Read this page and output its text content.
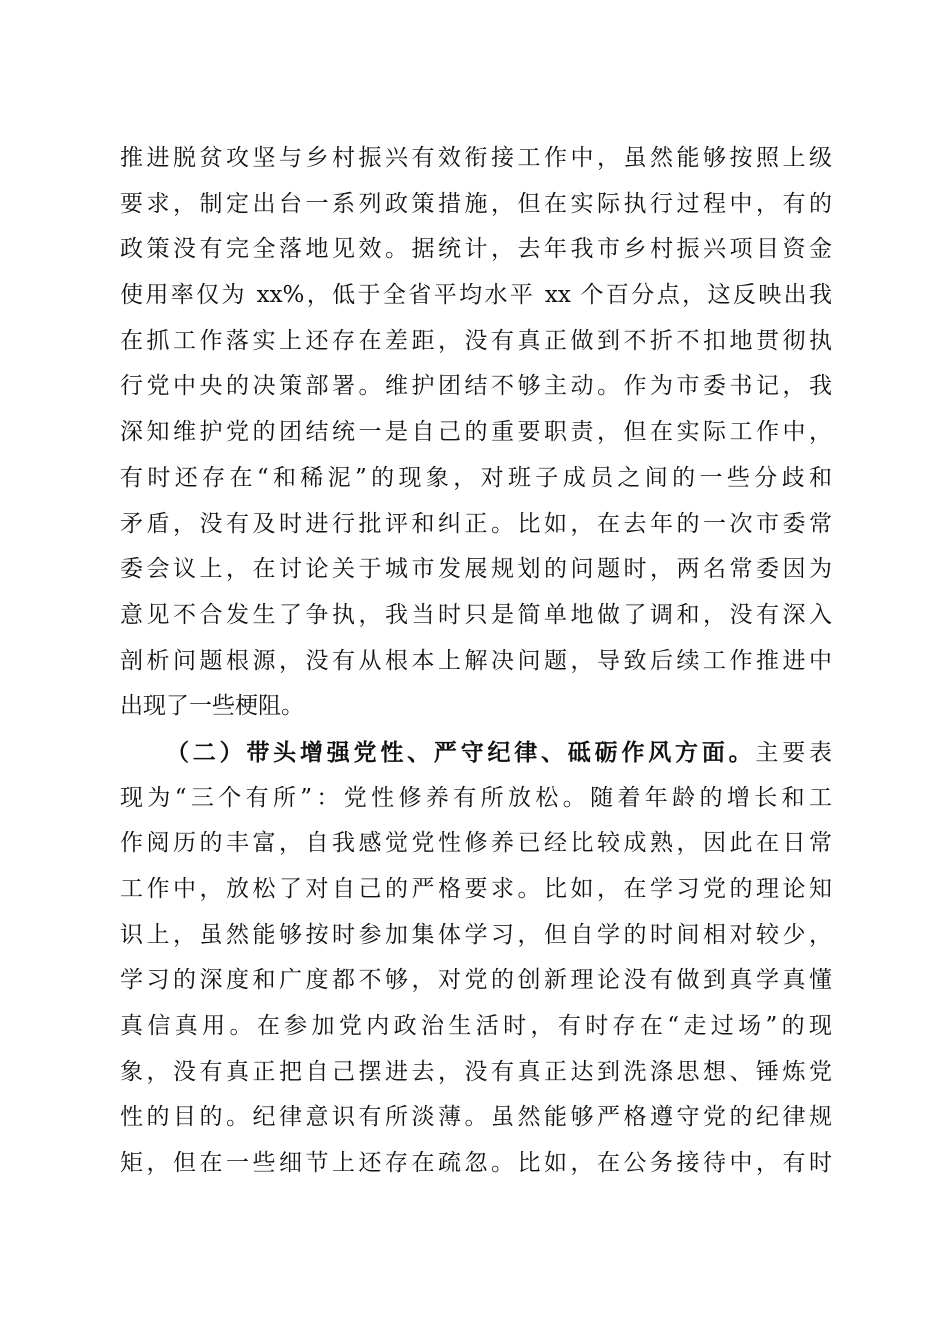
推进脱贫攻坚与乡村振兴有效衔接工作中，虽然能够按照上级
要求，制定出台一系列政策措施，但在实际执行过程中，有的
政策没有完全落地见效。据统计，去年我市乡村振兴项目资金
使用率仅为 xx%，低于全省平均水平 xx 个百分点，这反映出我
在抓工作落实上还存在差距，没有真正做到不折不扣地贯彻执
行党中央的决策部署。维护团结不够主动。作为市委书记，我
深知维护党的团结统一是自己的重要职责，但在实际工作中，
有时还存在“和稀泥”的现象，对班子成员之间的一些分歧和
矛盾，没有及时进行批评和纠正。比如，在去年的一次市委常
委会议上，在讨论关于城市发展规划的问题时，两名常委因为
意见不合发生了争执，我当时只是简单地做了调和，没有深入
剖析问题根源，没有从根本上解决问题，导致后续工作推进中
出现了一些梗阻。
（二）带头增强党性、严守纪律、砥砺作风方面。主要表
现为“三个有所”：党性修养有所放松。随着年龄的增长和工
作阅历的丰富，自我感觉党性修养已经比较成熟，因此在日常
工作中，放松了对自己的严格要求。比如，在学习党的理论知
识上，虽然能够按时参加集体学习，但自学的时间相对较少，
学习的深度和广度都不够，对党的创新理论没有做到真学真懂
真信真用。在参加党内政治生活时，有时存在“走过场”的现
象，没有真正把自己摆进去，没有真正达到洗涤思想、锤炼党
性的目的。纪律意识有所淡薄。虽然能够严格遵守党的纪律规
矩，但在一些细节上还存在疏忽。比如，在公务接待中，有时
